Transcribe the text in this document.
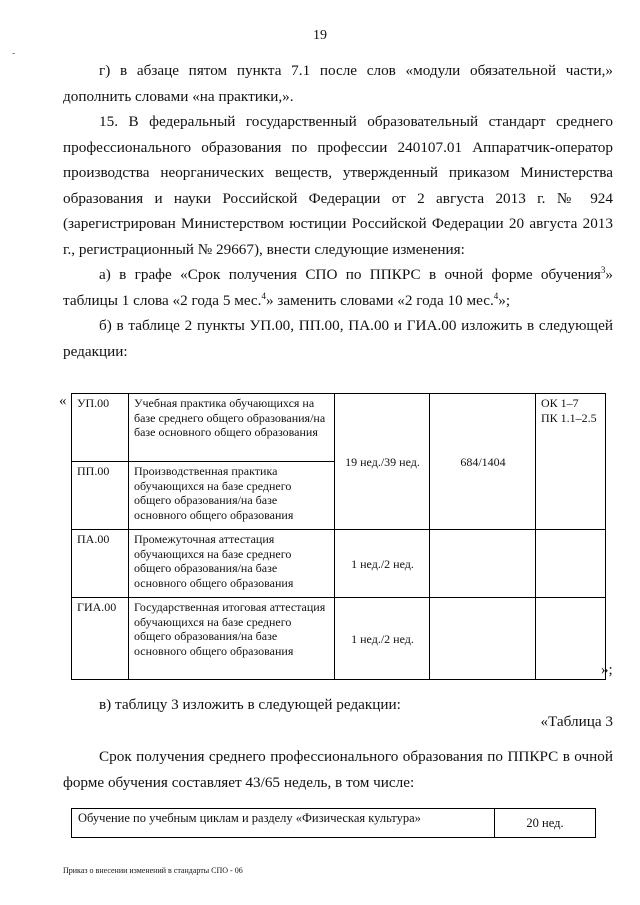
19
-

г) в абзаце пятом пункта 7.1 после слов «модули обязательной части,» дополнить словами «на практики,».

15. В федеральный государственный образовательный стандарт среднего профессионального образования по профессии 240107.01 Аппаратчик-оператор производства неорганических веществ, утвержденный приказом Министерства образования и науки Российской Федерации от 2 августа 2013 г. № 924 (зарегистрирован Министерством юстиции Российской Федерации 20 августа 2013 г., регистрационный № 29667), внести следующие изменения:

а) в графе «Срок получения СПО по ППКРС в очной форме обучения$^3$» таблицы 1 слова «2 года 5 мес.$^4$» заменить словами «2 года 10 мес.$^4$»;

б) в таблице 2 пункты УП.00, ПП.00, ПА.00 и ГИА.00 изложить в следующей редакции:

« УП.00	Учебная практика обучающихся на базе среднего общего образования/на базе основного общего образования	19 нед./39 нед.	684/1404	ОК 1–7
ПК 1.1–2.5
ПП.00	Производственная практика обучающихся на базе среднего общего образования/на базе основного общего образования			
ПА.00	Промежуточная аттестация обучающихся на базе среднего общего образования/на базе основного общего образования	1 нед./2 нед.		
ГИА.00	Государственная итоговая аттестация обучающихся на базе среднего общего образования/на базе основного общего образования	1 нед./2 нед.		
»;

в) таблицу 3 изложить в следующей редакции:

«Таблица 3

Срок получения среднего профессионального образования по ППКРС в очной форме обучения составляет 43/65 недель, в том числе:

Обучение по учебным циклам и разделу «Физическая культура»	20 нед.
Приказ о внесении изменений в стандарты СПО - 06
